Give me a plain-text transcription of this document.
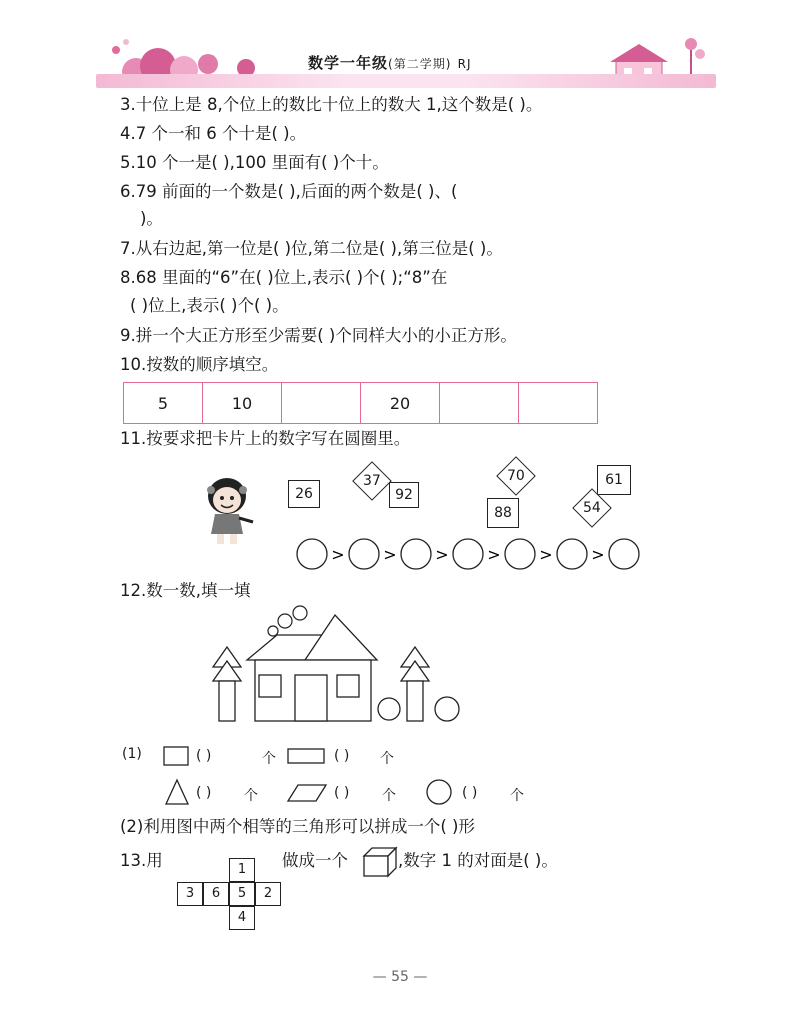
数学一年级(第二学期) RJ
3.十位上是 8,个位上的数比十位上的数大 1,这个数是( )。
4.7 个一和 6 个十是( )。
5.10 个一是( ),100 里面有( )个十。
6.79 前面的一个数是( ),后面的两个数是( )、(
)。
7.从右边起,第一位是( )位,第二位是( ),第三位是( )。
8.68 里面的“6”在( )位上,表示( )个( );“8”在
( )位上,表示( )个( )。
9.拼一个大正方形至少需要( )个同样大小的小正方形。
10.按数的顺序填空。
5	10		20		
11.按要求把卡片上的数字写在圆圈里。
26
37
92
70
88
61
54
> > > > > >
12.数一数,填一填
(1)	( )	个	( ) 个
( ) 个	( ) 个	( ) 个
(2)利用图中两个相等的三角形可以拼成一个( )形
13.用	1
3	6	5	2
4
做成一个	,数字 1 的对面是( )。
— 55 —
